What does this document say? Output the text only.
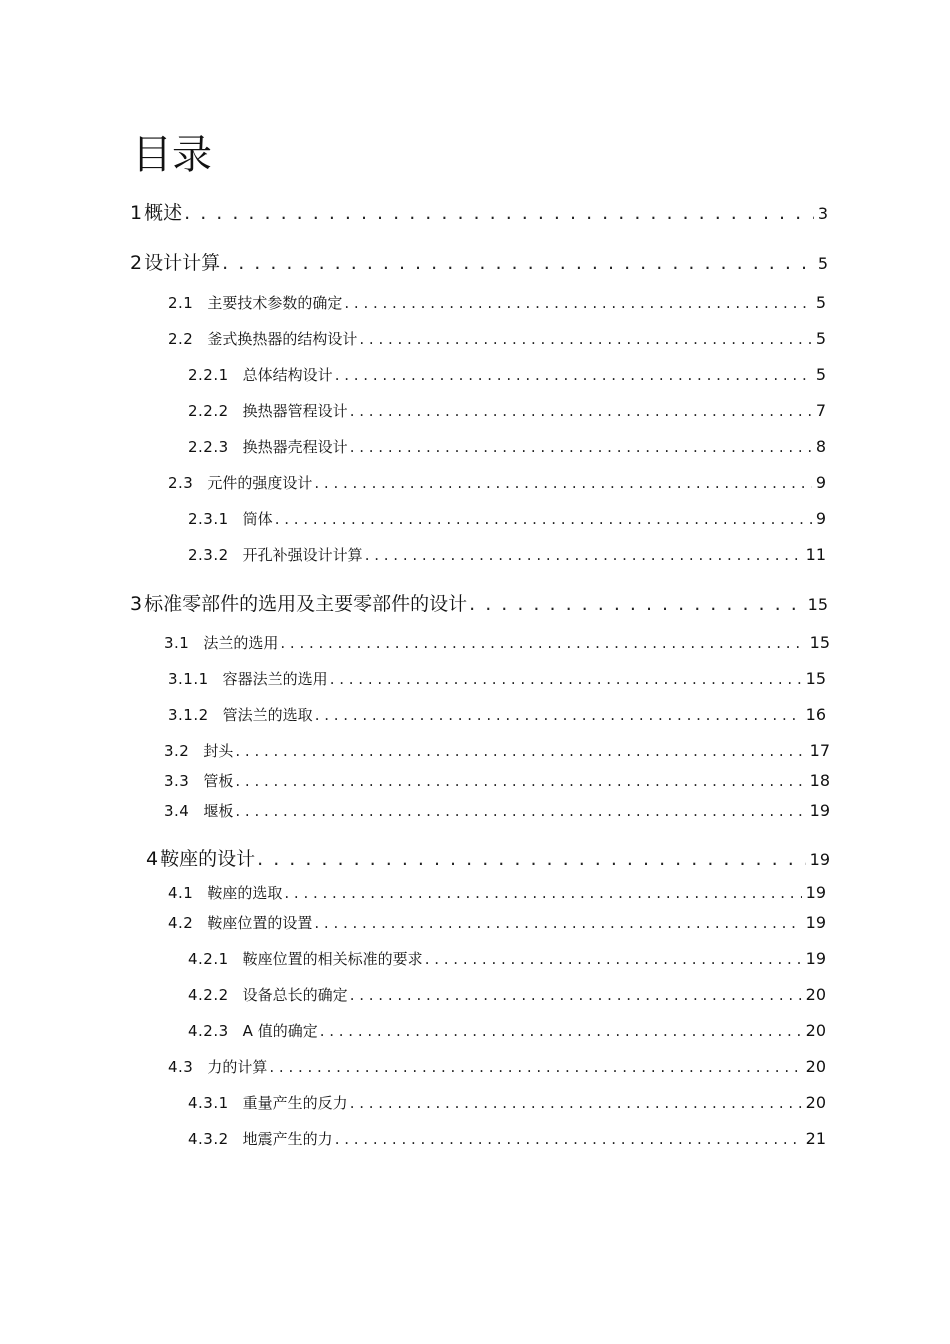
目录
1 概述 . . .	3
2 设计计算 . . .	5
2.1 主要技术参数的确定 . . .	5
2.2 釜式换热器的结构设计 . . .	5
2.2.1 总体结构设计 . . .	5
2.2.2 换热器管程设计 . . .	7
2.2.3 换热器壳程设计 . . .	8
2.3 元件的强度设计 . . .	9
2.3.1 筒体 . . .	9
2.3.2 开孔补强设计计算 . . .	11
3 标准零部件的选用及主要零部件的设计 . . .	15
3.1 法兰的选用 . . .	15
3.1.1 容器法兰的选用 . . .	15
3.1.2 管法兰的选取 . . .	16
3.2 封头 . . .	17
3.3 管板 . . .	18
3.4 堰板 . . .	19
4 鞍座的设计 . . .	19
4.1 鞍座的选取 . . .	19
4.2 鞍座位置的设置 . . .	19
4.2.1 鞍座位置的相关标准的要求 . . .	19
4.2.2 设备总长的确定 . . .	20
4.2.3 A 值的确定 . . .	20
4.3 力的计算 . . .	20
4.3.1 重量产生的反力 . . .	20
4.3.2 地震产生的力 . . .	21
